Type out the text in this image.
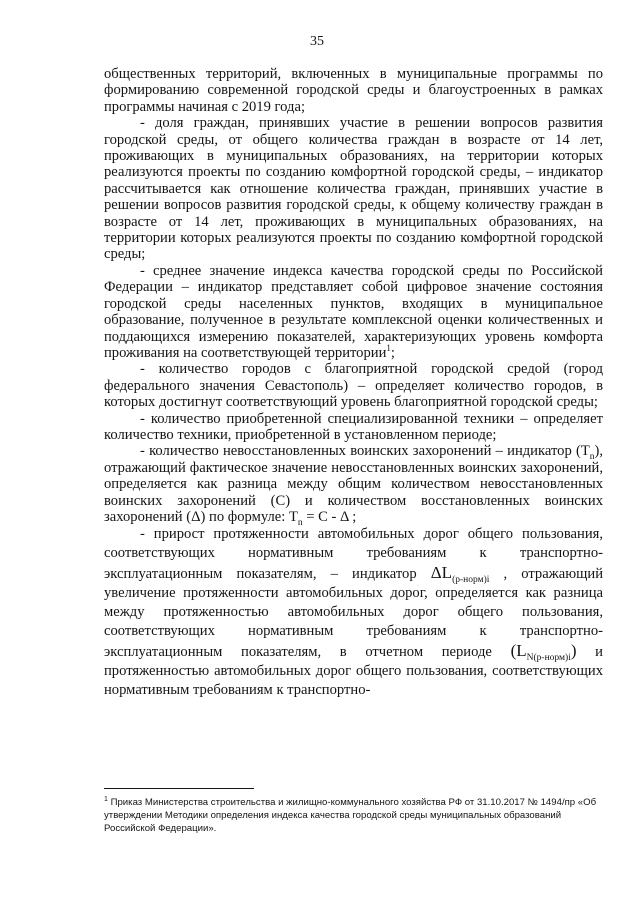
35

общественных территорий, включенных в муниципальные программы по формированию современной городской среды и благоустроенных в рамках программы начиная с 2019 года;

- доля граждан, принявших участие в решении вопросов развития городской среды, от общего количества граждан в возрасте от 14 лет, проживающих в муниципальных образованиях, на территории которых реализуются проекты по созданию комфортной городской среды, – индикатор рассчитывается как отношение количества граждан, принявших участие в решении вопросов развития городской среды, к общему количеству граждан в возрасте от 14 лет, проживающих в муниципальных образованиях, на территории которых реализуются проекты по созданию комфортной городской среды;

- среднее значение индекса качества городской среды по Российской Федерации – индикатор представляет собой цифровое значение состояния городской среды населенных пунктов, входящих в муниципальное образование, полученное в результате комплексной оценки количественных и поддающихся измерению показателей, характеризующих уровень комфорта проживания на соответствующей территории$^1$;

- количество городов с благоприятной городской средой (город федерального значения Севастополь) – определяет количество городов, в которых достигнут соответствующий уровень благоприятной городской среды;

- количество приобретенной специализированной техники – определяет количество техники, приобретенной в установленном периоде;

- количество невосстановленных воинских захоронений – индикатор $(Т_n)$, отражающий фактическое значение невосстановленных воинских захоронений, определяется как разница между общим количеством невосстановленных воинских захоронений (С) и количеством восстановленных воинских захоронений (Δ) по формуле: $Т_n = С - \Delta$ ;

- прирост протяженности автомобильных дорог общего пользования, соответствующих нормативным требованиям к транспортно-эксплуатационным показателям, – индикатор $\Delta L_{(р-норм)i}$ , отражающий увеличение протяженности автомобильных дорог, определяется как разница между протяженностью автомобильных дорог общего пользования, соответствующих нормативным требованиям к транспортно-эксплуатационным показателям, в отчетном периоде $(L_{N(р-норм)i})$ и протяженностью автомобильных дорог общего пользования, соответствующих нормативным требованиям к транспортно-

$^1$ Приказ Министерства строительства и жилищно-коммунального хозяйства РФ от 31.10.2017 № 1494/пр «Об утверждении Методики определения индекса качества городской среды муниципальных образований Российской Федерации».
